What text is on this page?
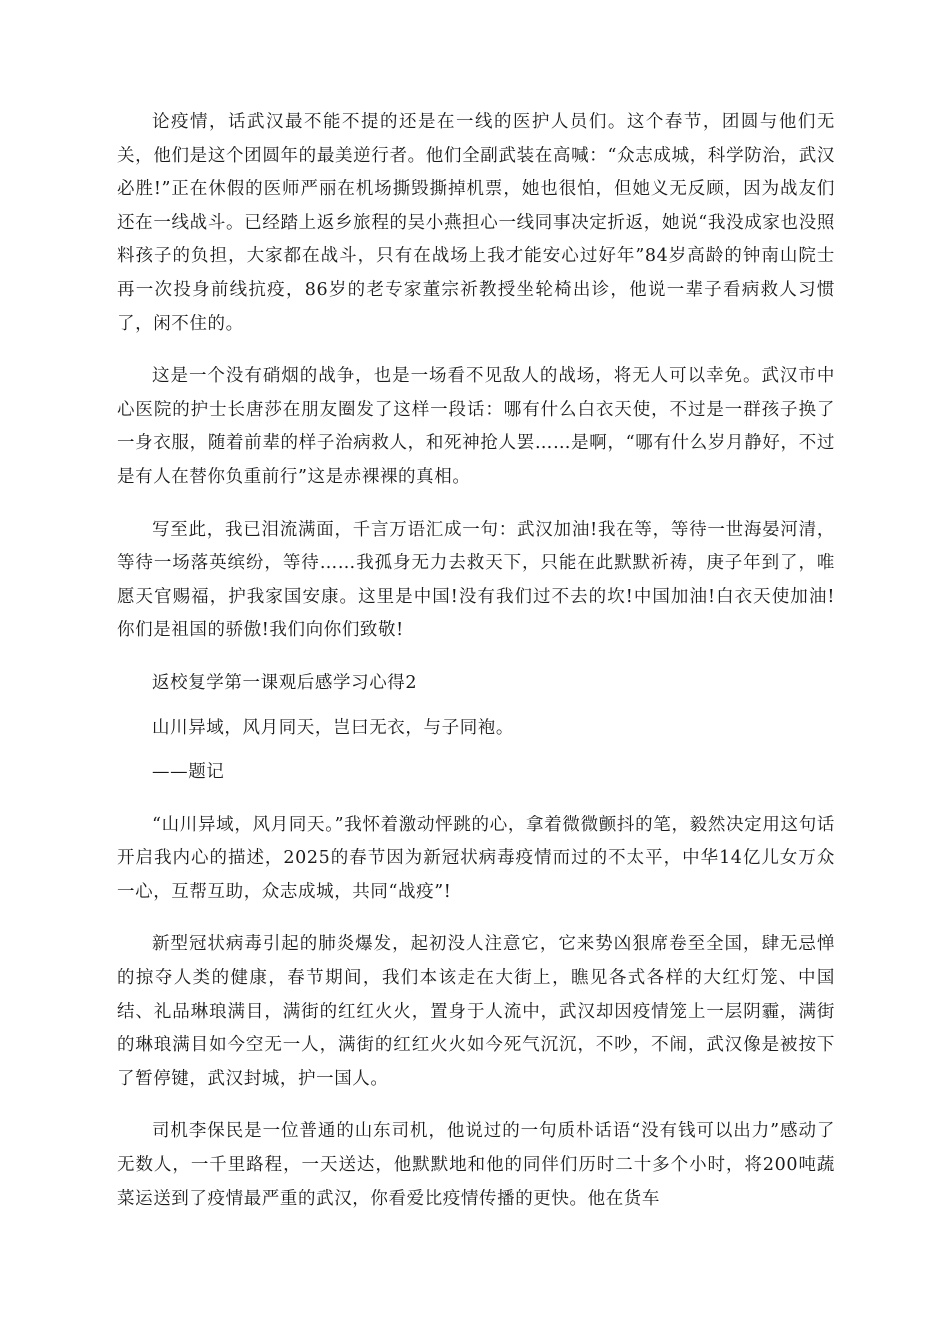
论疫情，话武汉最不能不提的还是在一线的医护人员们。这个春节，团圆与他们无关，他们是这个团圆年的最美逆行者。他们全副武装在高喊：“众志成城，科学防治，武汉必胜!”正在休假的医师严丽在机场撕毁撕掉机票，她也很怕，但她义无反顾，因为战友们还在一线战斗。已经踏上返乡旅程的吴小燕担心一线同事决定折返，她说“我没成家也没照料孩子的负担，大家都在战斗，只有在战场上我才能安心过好年”84岁高龄的钟南山院士再一次投身前线抗疫，86岁的老专家董宗祈教授坐轮椅出诊，他说一辈子看病救人习惯了，闲不住的。

这是一个没有硝烟的战争，也是一场看不见敌人的战场，将无人可以幸免。武汉市中心医院的护士长唐莎在朋友圈发了这样一段话：哪有什么白衣天使，不过是一群孩子换了一身衣服，随着前辈的样子治病救人，和死神抢人罢……是啊，“哪有什么岁月静好，不过是有人在替你负重前行”这是赤裸裸的真相。

写至此，我已泪流满面，千言万语汇成一句：武汉加油!我在等，等待一世海晏河清，等待一场落英缤纷，等待……我孤身无力去救天下，只能在此默默祈祷，庚子年到了，唯愿天官赐福，护我家国安康。这里是中国!没有我们过不去的坎!中国加油!白衣天使加油!你们是祖国的骄傲!我们向你们致敬!

返校复学第一课观后感学习心得2

山川异域，风月同天，岂曰无衣，与子同袍。

——题记

“山川异域，风月同天。”我怀着激动怦跳的心，拿着微微颤抖的笔，毅然决定用这句话开启我内心的描述，2025的春节因为新冠状病毒疫情而过的不太平，中华14亿儿女万众一心，互帮互助，众志成城，共同“战疫”!

新型冠状病毒引起的肺炎爆发，起初没人注意它，它来势凶狠席卷至全国，肆无忌惮的掠夺人类的健康，春节期间，我们本该走在大街上，瞧见各式各样的大红灯笼、中国结、礼品琳琅满目，满街的红红火火，置身于人流中，武汉却因疫情笼上一层阴霾，满街的琳琅满目如今空无一人，满街的红红火火如今死气沉沉，不吵，不闹，武汉像是被按下了暂停键，武汉封城，护一国人。

司机李保民是一位普通的山东司机，他说过的一句质朴话语“没有钱可以出力”感动了无数人，一千里路程，一天送达，他默默地和他的同伴们历时二十多个小时，将200吨蔬菜运送到了疫情最严重的武汉，你看爱比疫情传播的更快。他在货车
